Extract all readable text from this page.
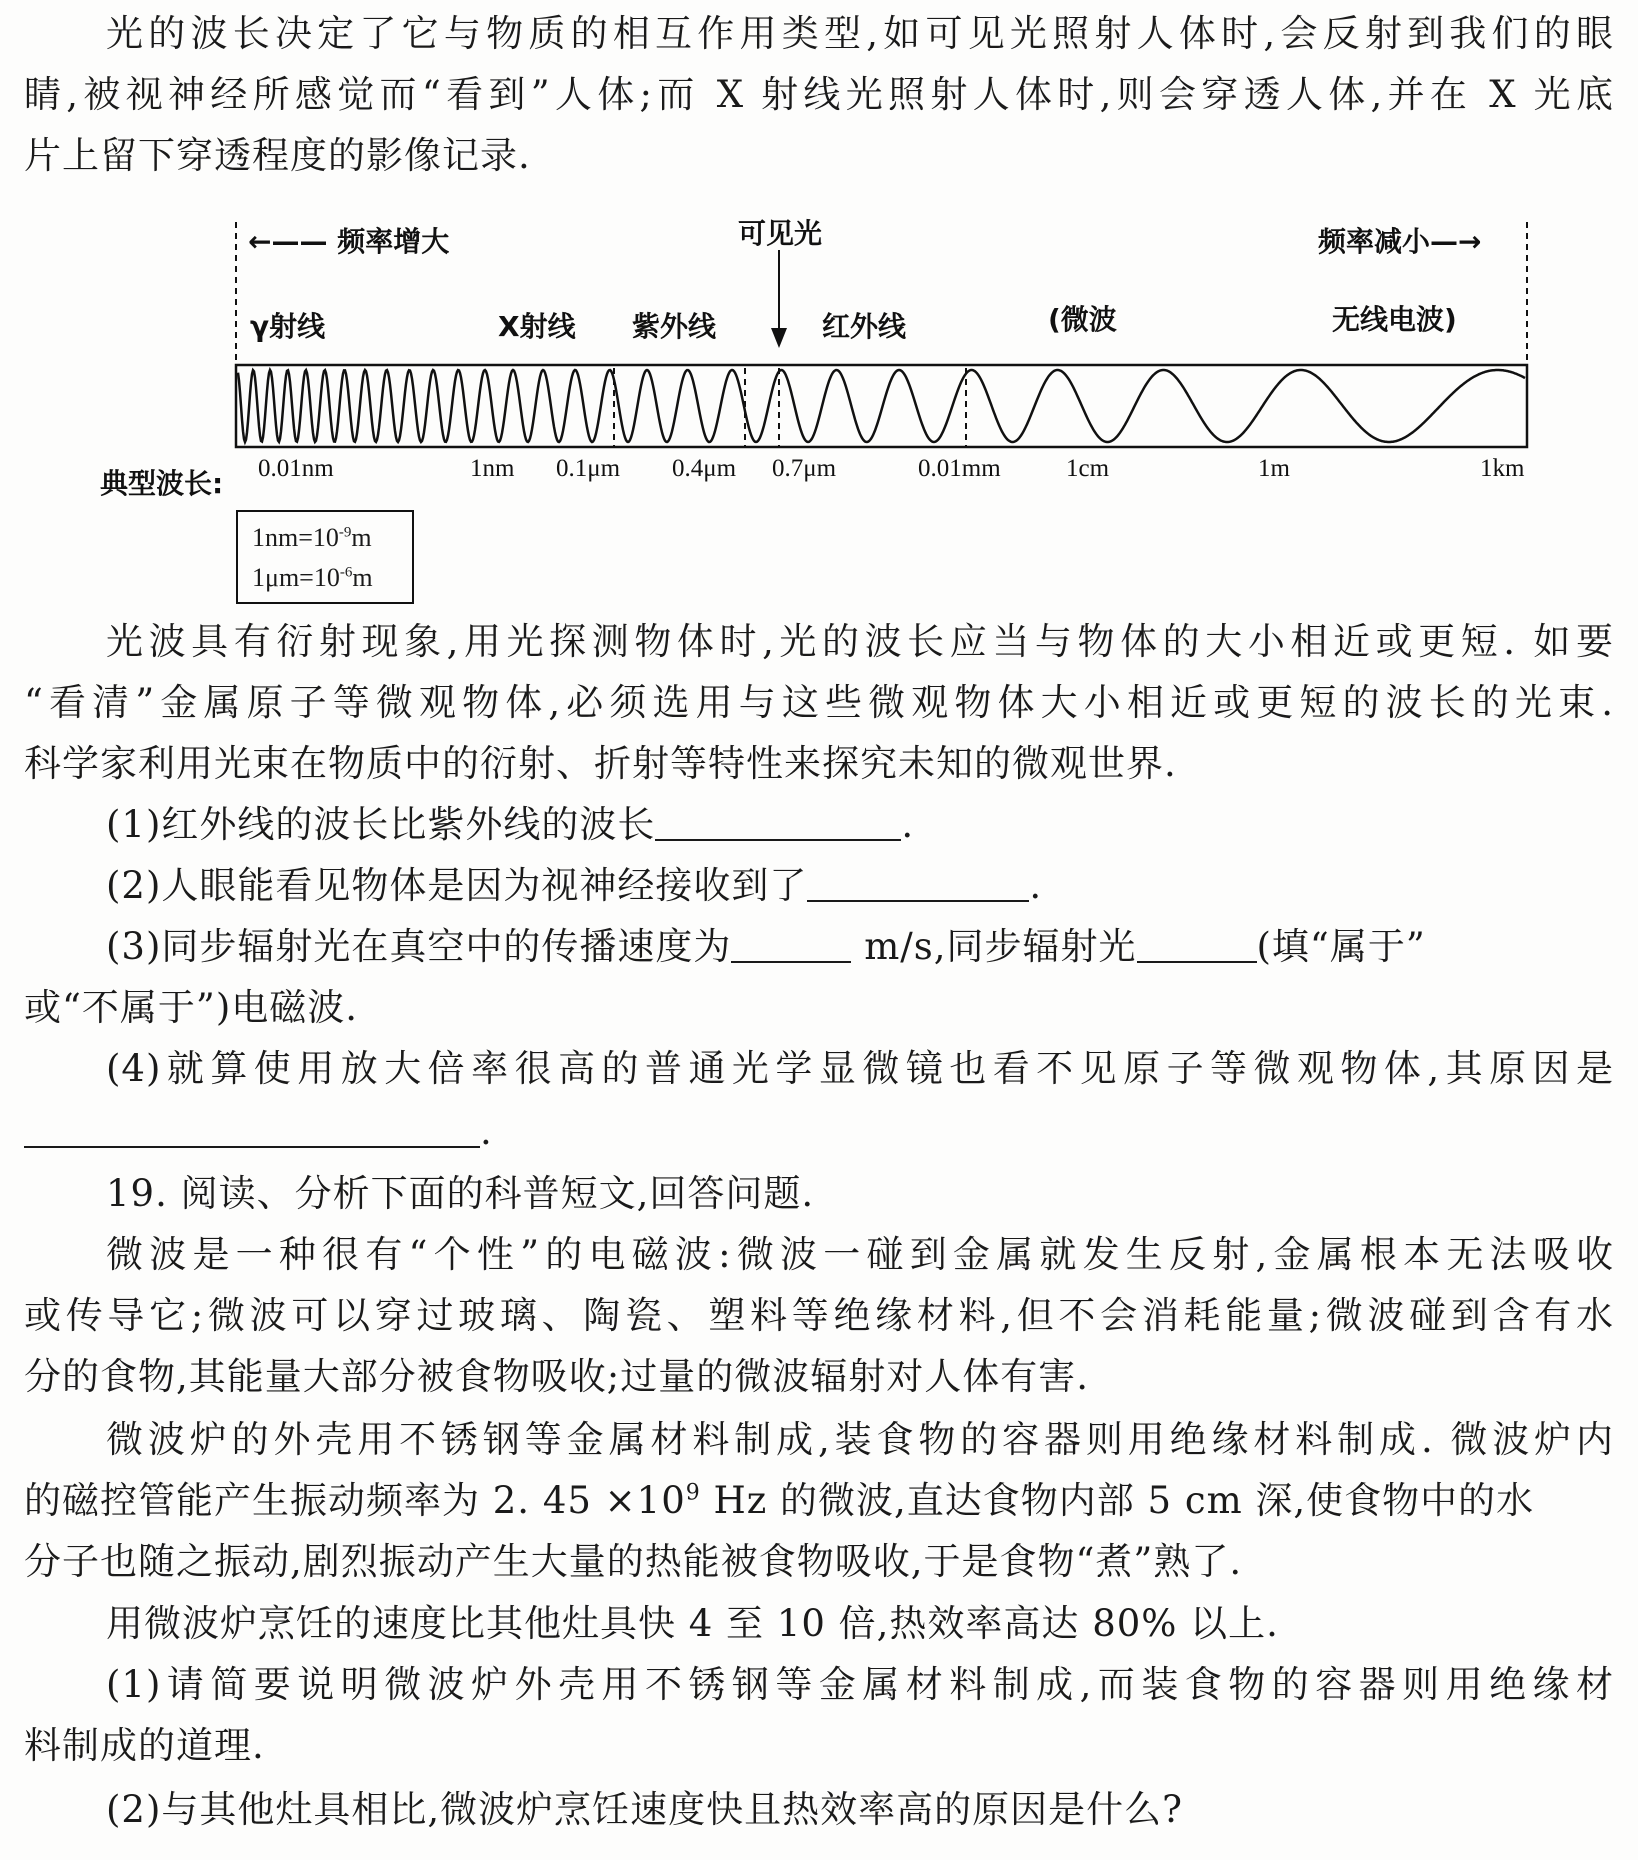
光的波长决定了它与物质的相互作用类型,如可见光照射人体时,会反射到我们的眼
睛,被视神经所感觉而“看到”人体;而 X 射线光照射人体时,则会穿透人体,并在 X 光底
片上留下穿透程度的影像记录.
←—— 频率增大	可见光	频率减小—→
γ射线	X射线 紫外线	红外线	(微波	无线电波)
典型波长: 0.01nm	1nm 0.1μm 0.4μm 0.7μm	0.01mm	1cm	1m	1km
$1nm=10^{-9}m$
$1\mu m=10^{-6}m$
光波具有衍射现象,用光探测物体时,光的波长应当与物体的大小相近或更短. 如要
“看清”金属原子等微观物体,必须选用与这些微观物体大小相近或更短的波长的光束.
科学家利用光束在物质中的衍射、折射等特性来探究未知的微观世界.
(1)红外线的波长比紫外线的波长	.
(2)人眼能看见物体是因为视神经接收到了	.
(3)同步辐射光在真空中的传播速度为	m/s,同步辐射光	(填“属于”
或“不属于”)电磁波.
(4)就算使用放大倍率很高的普通光学显微镜也看不见原子等微观物体,其原因是
.
19. 阅读、分析下面的科普短文,回答问题.
微波是一种很有“个性”的电磁波:微波一碰到金属就发生反射,金属根本无法吸收
或传导它;微波可以穿过玻璃、陶瓷、塑料等绝缘材料,但不会消耗能量;微波碰到含有水
分的食物,其能量大部分被食物吸收;过量的微波辐射对人体有害.
微波炉的外壳用不锈钢等金属材料制成,装食物的容器则用绝缘材料制成. 微波炉内
的磁控管能产生振动频率为 2. $45 \times 10^9$ Hz 的微波,直达食物内部 5 cm 深,使食物中的水
分子也随之振动,剧烈振动产生大量的热能被食物吸收,于是食物“煮”熟了.
用微波炉烹饪的速度比其他灶具快 4 至 10 倍,热效率高达 80% 以上.
(1)请简要说明微波炉外壳用不锈钢等金属材料制成,而装食物的容器则用绝缘材
料制成的道理.
(2)与其他灶具相比,微波炉烹饪速度快且热效率高的原因是什么?
